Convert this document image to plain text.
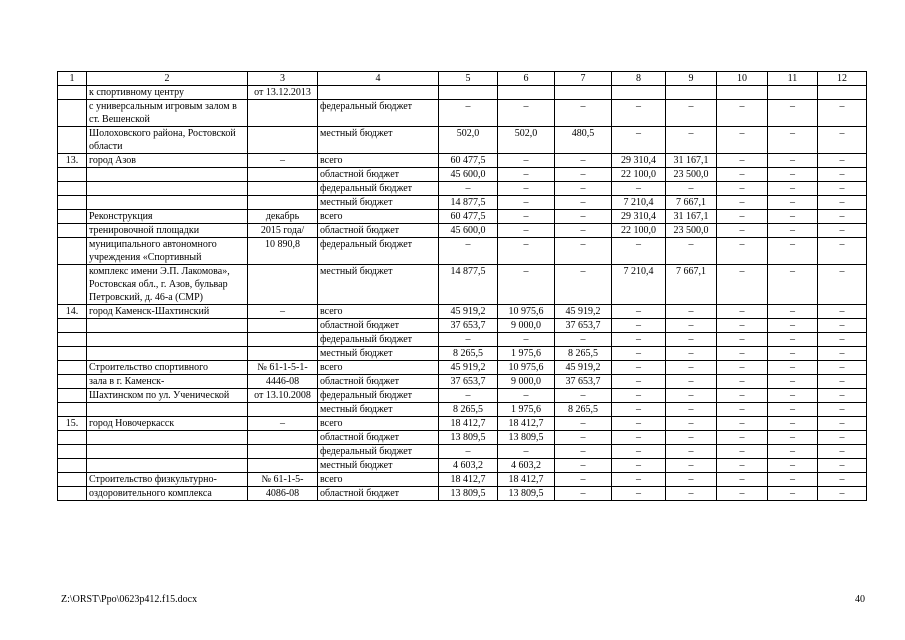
1	2	3	4	5	6	7	8	9	10	11	12
	к спортивному центру	от 13.12.2013									
	с универсальным игровым залом в ст. Вешенской		федеральный бюджет	–	–	–	–	–	–	–	–
	Шолоховского района, Ростовской области		местный бюджет	502,0	502,0	480,5	–	–	–	–	–
13.	город Азов	–	всего	60 477,5	–	–	29 310,4	31 167,1	–	–	–
			областной бюджет	45 600,0	–	–	22 100,0	23 500,0	–	–	–
			федеральный бюджет	–	–	–	–	–	–	–	–
			местный бюджет	14 877,5	–	–	7 210,4	7 667,1	–	–	–
	Реконструкция	декабрь	всего	60 477,5	–	–	29 310,4	31 167,1	–	–	–
	тренировочной площадки	2015 года/	областной бюджет	45 600,0	–	–	22 100,0	23 500,0	–	–	–
	муниципального автономного учреждения «Спортивный	10 890,8	федеральный бюджет	–	–	–	–	–	–	–	–
	комплекс имени Э.П. Лакомова», Ростовская обл., г. Азов, бульвар Петровский, д. 46-а (СМР)		местный бюджет	14 877,5	–	–	7 210,4	7 667,1	–	–	–
14.	город Каменск-Шахтинский	–	всего	45 919,2	10 975,6	45 919,2	–	–	–	–	–
			областной бюджет	37 653,7	9 000,0	37 653,7	–	–	–	–	–
			федеральный бюджет	–	–	–	–	–	–	–	–
			местный бюджет	8 265,5	1 975,6	8 265,5	–	–	–	–	–
	Строительство спортивного	№ 61-1-5-1-	всего	45 919,2	10 975,6	45 919,2	–	–	–	–	–
	зала в г. Каменск-	4446-08	областной бюджет	37 653,7	9 000,0	37 653,7	–	–	–	–	–
	Шахтинском по ул. Ученической	от 13.10.2008	федеральный бюджет	–	–	–	–	–	–	–	–
			местный бюджет	8 265,5	1 975,6	8 265,5	–	–	–	–	–
15.	город Новочеркасск	–	всего	18 412,7	18 412,7	–	–	–	–	–	–
			областной бюджет	13 809,5	13 809,5	–	–	–	–	–	–
			федеральный бюджет	–	–	–	–	–	–	–	–
			местный бюджет	4 603,2	4 603,2	–	–	–	–	–	–
	Строительство физкультурно-	№ 61-1-5-	всего	18 412,7	18 412,7	–	–	–	–	–	–
	оздоровительного комплекса	4086-08	областной бюджет	13 809,5	13 809,5	–	–	–	–	–	–
Z:\ORST\Ppo\0623p412.f15.docx	40
